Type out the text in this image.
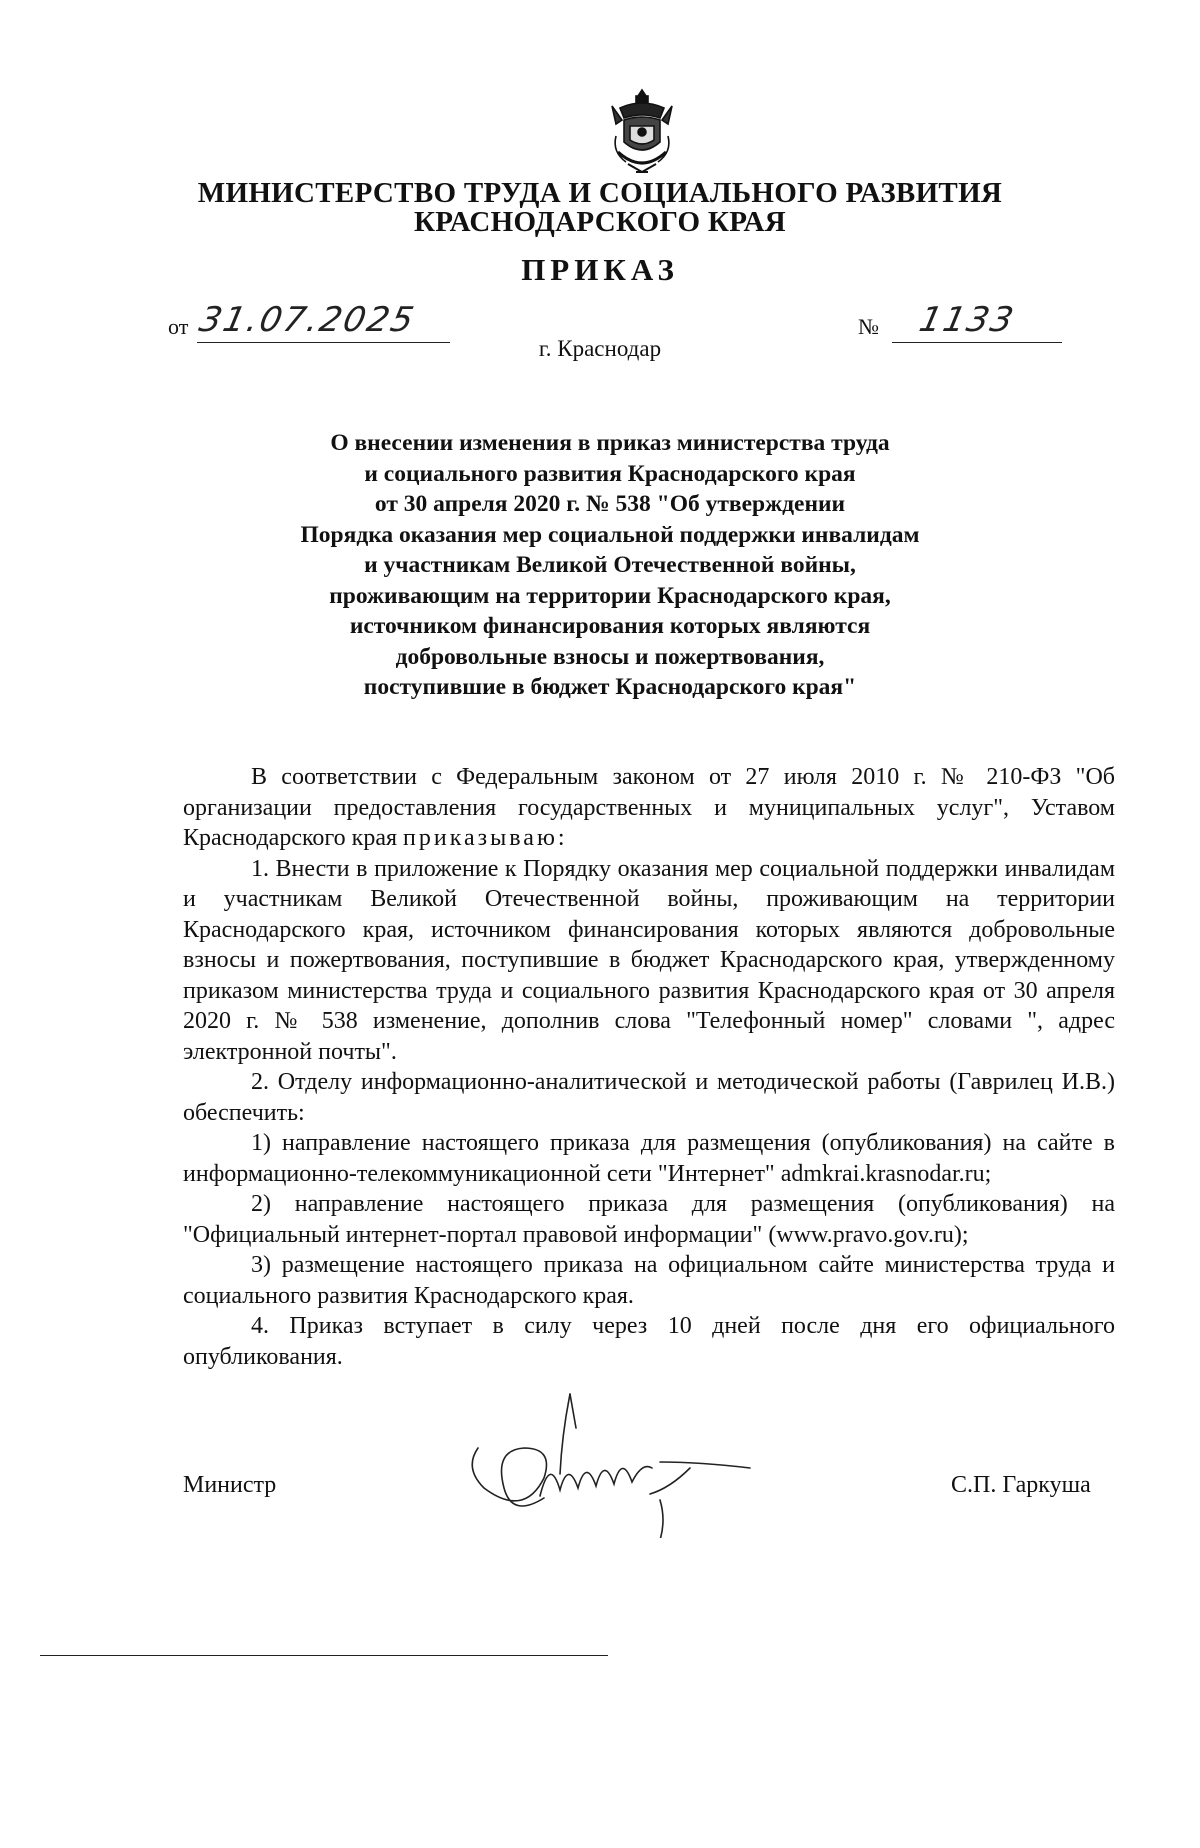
МИНИСТЕРСТВО ТРУДА И СОЦИАЛЬНОГО РАЗВИТИЯ
КРАСНОДАРСКОГО КРАЯ
ПРИКАЗ
от 31.07.2025	№ 1133
г. Краснодар
О внесении изменения в приказ министерства труда
и социального развития Краснодарского края
от 30 апреля 2020 г. № 538 "Об утверждении
Порядка оказания мер социальной поддержки инвалидам
и участникам Великой Отечественной войны,
проживающим на территории Краснодарского края,
источником финансирования которых являются
добровольные взносы и пожертвования,
поступившие в бюджет Краснодарского края"

В соответствии с Федеральным законом от 27 июля 2010 г. № 210-ФЗ "Об организации предоставления государственных и муниципальных услуг", Уставом Краснодарского края приказываю:

1. Внести в приложение к Порядку оказания мер социальной поддержки инвалидам и участникам Великой Отечественной войны, проживающим на территории Краснодарского края, источником финансирования которых являются добровольные взносы и пожертвования, поступившие в бюджет Краснодарского края, утвержденному приказом министерства труда и социального развития Краснодарского края от 30 апреля 2020 г. № 538 изменение, дополнив слова "Телефонный номер" словами ", адрес электронной почты".

2. Отделу информационно-аналитической и методической работы (Гаврилец И.В.) обеспечить:

1) направление настоящего приказа для размещения (опубликования) на сайте в информационно-телекоммуникационной сети "Интернет" admkrai.krasnodar.ru;

2) направление настоящего приказа для размещения (опубликования) на "Официальный интернет-портал правовой информации" (www.pravo.gov.ru);

3) размещение настоящего приказа на официальном сайте министерства труда и социального развития Краснодарского края.

4. Приказ вступает в силу через 10 дней после дня его официального опубликования.

Министр	С.П. Гаркуша
